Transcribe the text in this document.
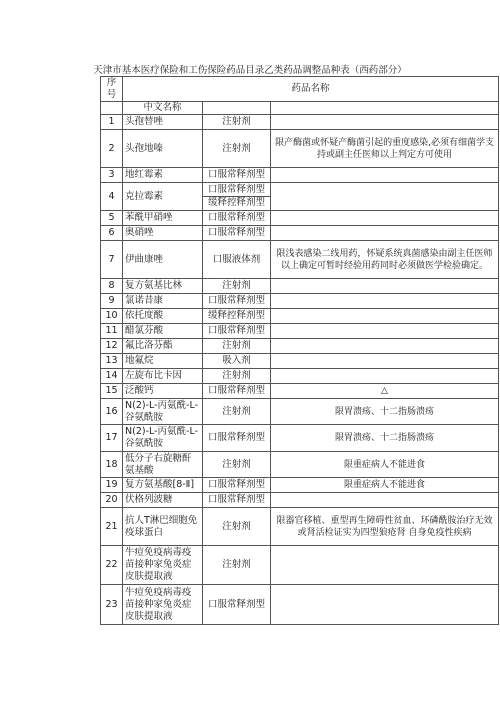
天津市基本医疗保险和工伤保险药品目录乙类药品调整品种表（西药部分）
序号	药品名称		
	中文名称		
1	头孢替唑	注射剂	
2	头孢地嗪	注射剂	限产酶菌或怀疑产酶菌引起的重度感染,必须有细菌学支持或副主任医师以上判定方可使用
3	地红霉素	口服常释剂型	
4	克拉霉素	口服常释剂型
缓释控释剂型	

5	苯酰甲硝唑	口服常释剂型	
6	奥硝唑	口服常释剂型	
7	伊曲康唑	口服液体剂	限浅表感染二线用药，怀疑系统真菌感染由副主任医师以上确定可暂时经验用药同时必须做医学检验确定。
8	复方氨基比林	注射剂	
9	氯诺昔康	口服常释剂型	
10	依托度酸	缓释控释剂型	
11	醋氯芬酸	口服常释剂型	
12	氟比洛芬酯	注射剂	
13	地氟烷	吸入剂	
14	左旋布比卡因	注射剂	
15	泛酸钙	口服常释剂型	△
16	N(2)-L-丙氨酰-L-谷氨酰胺	注射剂	限胃溃疡、十二指肠溃疡
17	N(2)-L-丙氨酰-L-谷氨酰胺	口服常释剂型	限胃溃疡、十二指肠溃疡
18	低分子右旋糖酐氨基酸	注射剂	限重症病人不能进食
19	复方氨基酸[8-Ⅱ]	口服常释剂型	限重症病人不能进食
20	伏格列波糖	口服常释剂型	
21	抗人T淋巴细胞免疫球蛋白	注射剂	限器官移植、重型再生障碍性贫血、环磷酰胺治疗无效或肾活检证实为四型狼疮肾 自身免疫性疾病
22	牛痘免疫病毒疫苗接种家兔炎症皮肤提取液	注射剂	
23	牛痘免疫病毒疫苗接种家兔炎症皮肤提取液	口服常释剂型	
